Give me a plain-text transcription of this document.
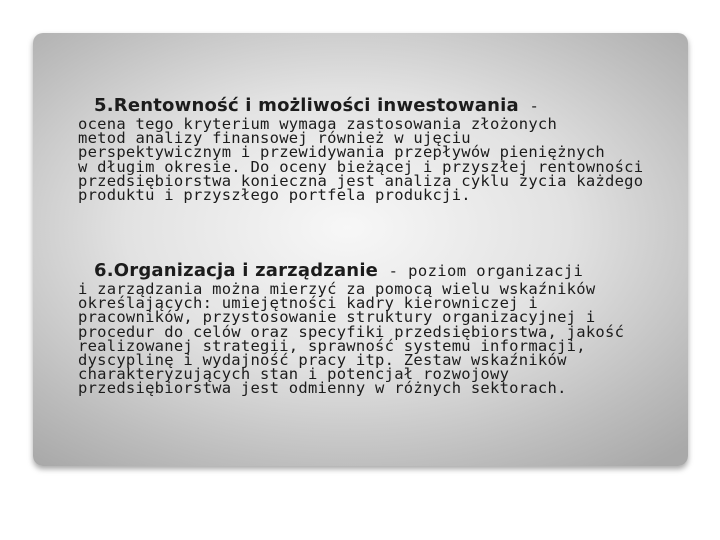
5.Rentowność i możliwości inwestowania -
ocena tego kryterium wymaga zastosowania złożonych
metod analizy finansowej również w ujęciu
perspektywicznym i przewidywania przepływów pieniężnych
w długim okresie. Do oceny bieżącej i przyszłej rentowności
przedsiębiorstwa konieczna jest analiza cyklu życia każdego
produktu i przyszłego portfela produkcji.
6.Organizacja i zarządzanie - poziom organizacji
i zarządzania można mierzyć za pomocą wielu wskaźników
określających: umiejętności kadry kierowniczej i
pracowników, przystosowanie struktury organizacyjnej i
procedur do celów oraz specyfiki przedsiębiorstwa, jakość
realizowanej strategii, sprawność systemu informacji,
dyscyplinę i wydajność pracy itp. Zestaw wskaźników
charakteryzujących stan i potencjał rozwojowy
przedsiębiorstwa jest odmienny w różnych sektorach.
